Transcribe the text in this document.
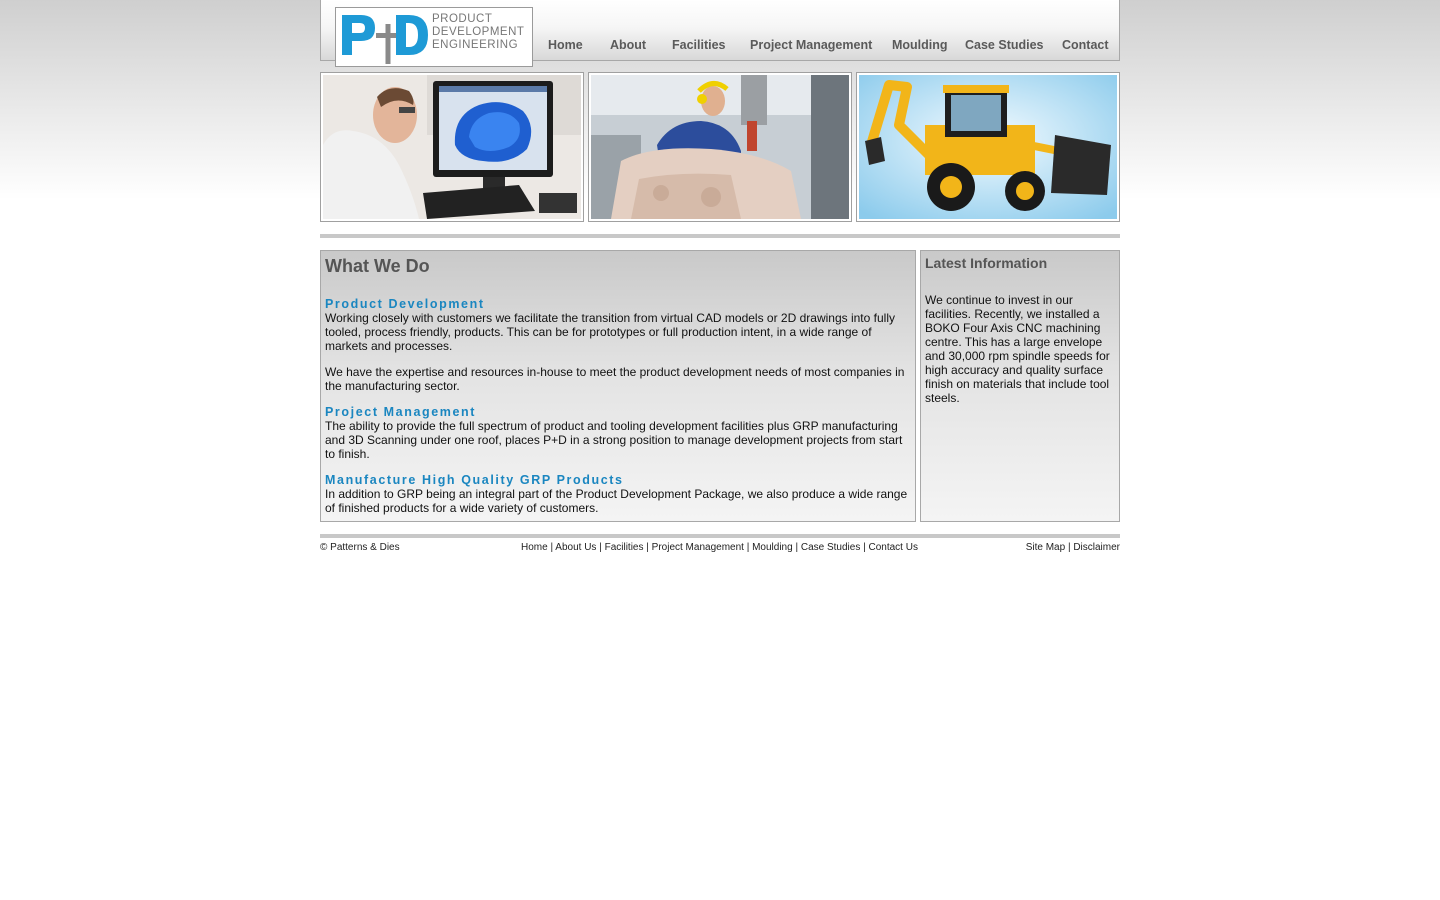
PRODUCT
DEVELOPMENT
ENGINEERING	Home About Facilities Project Management Moulding Case Studies Contact
What We Do
Product Development

Working closely with customers we facilitate the transition from virtual CAD models or 2D drawings into fully tooled, process friendly, products. This can be for prototypes or full production intent, in a wide range of markets and processes.

We have the expertise and resources in-house to meet the product development needs of most companies in the manufacturing sector.

Project Management

The ability to provide the full spectrum of product and tooling development facilities plus GRP manufacturing and 3D Scanning under one roof, places P+D in a strong position to manage development projects from start to finish.

Manufacture High Quality GRP Products

In addition to GRP being an integral part of the Product Development Package, we also produce a wide range of finished products for a wide variety of customers.

Latest Information

We continue to invest in our facilities. Recently, we installed a BOKO Four Axis CNC machining centre. This has a large envelope and 30,000 rpm spindle speeds for high accuracy and quality surface finish on materials that include tool steels.

© Patterns & Dies	Home | About Us | Facilities | Project Management | Moulding | Case Studies | Contact Us	Site Map | Disclaimer
